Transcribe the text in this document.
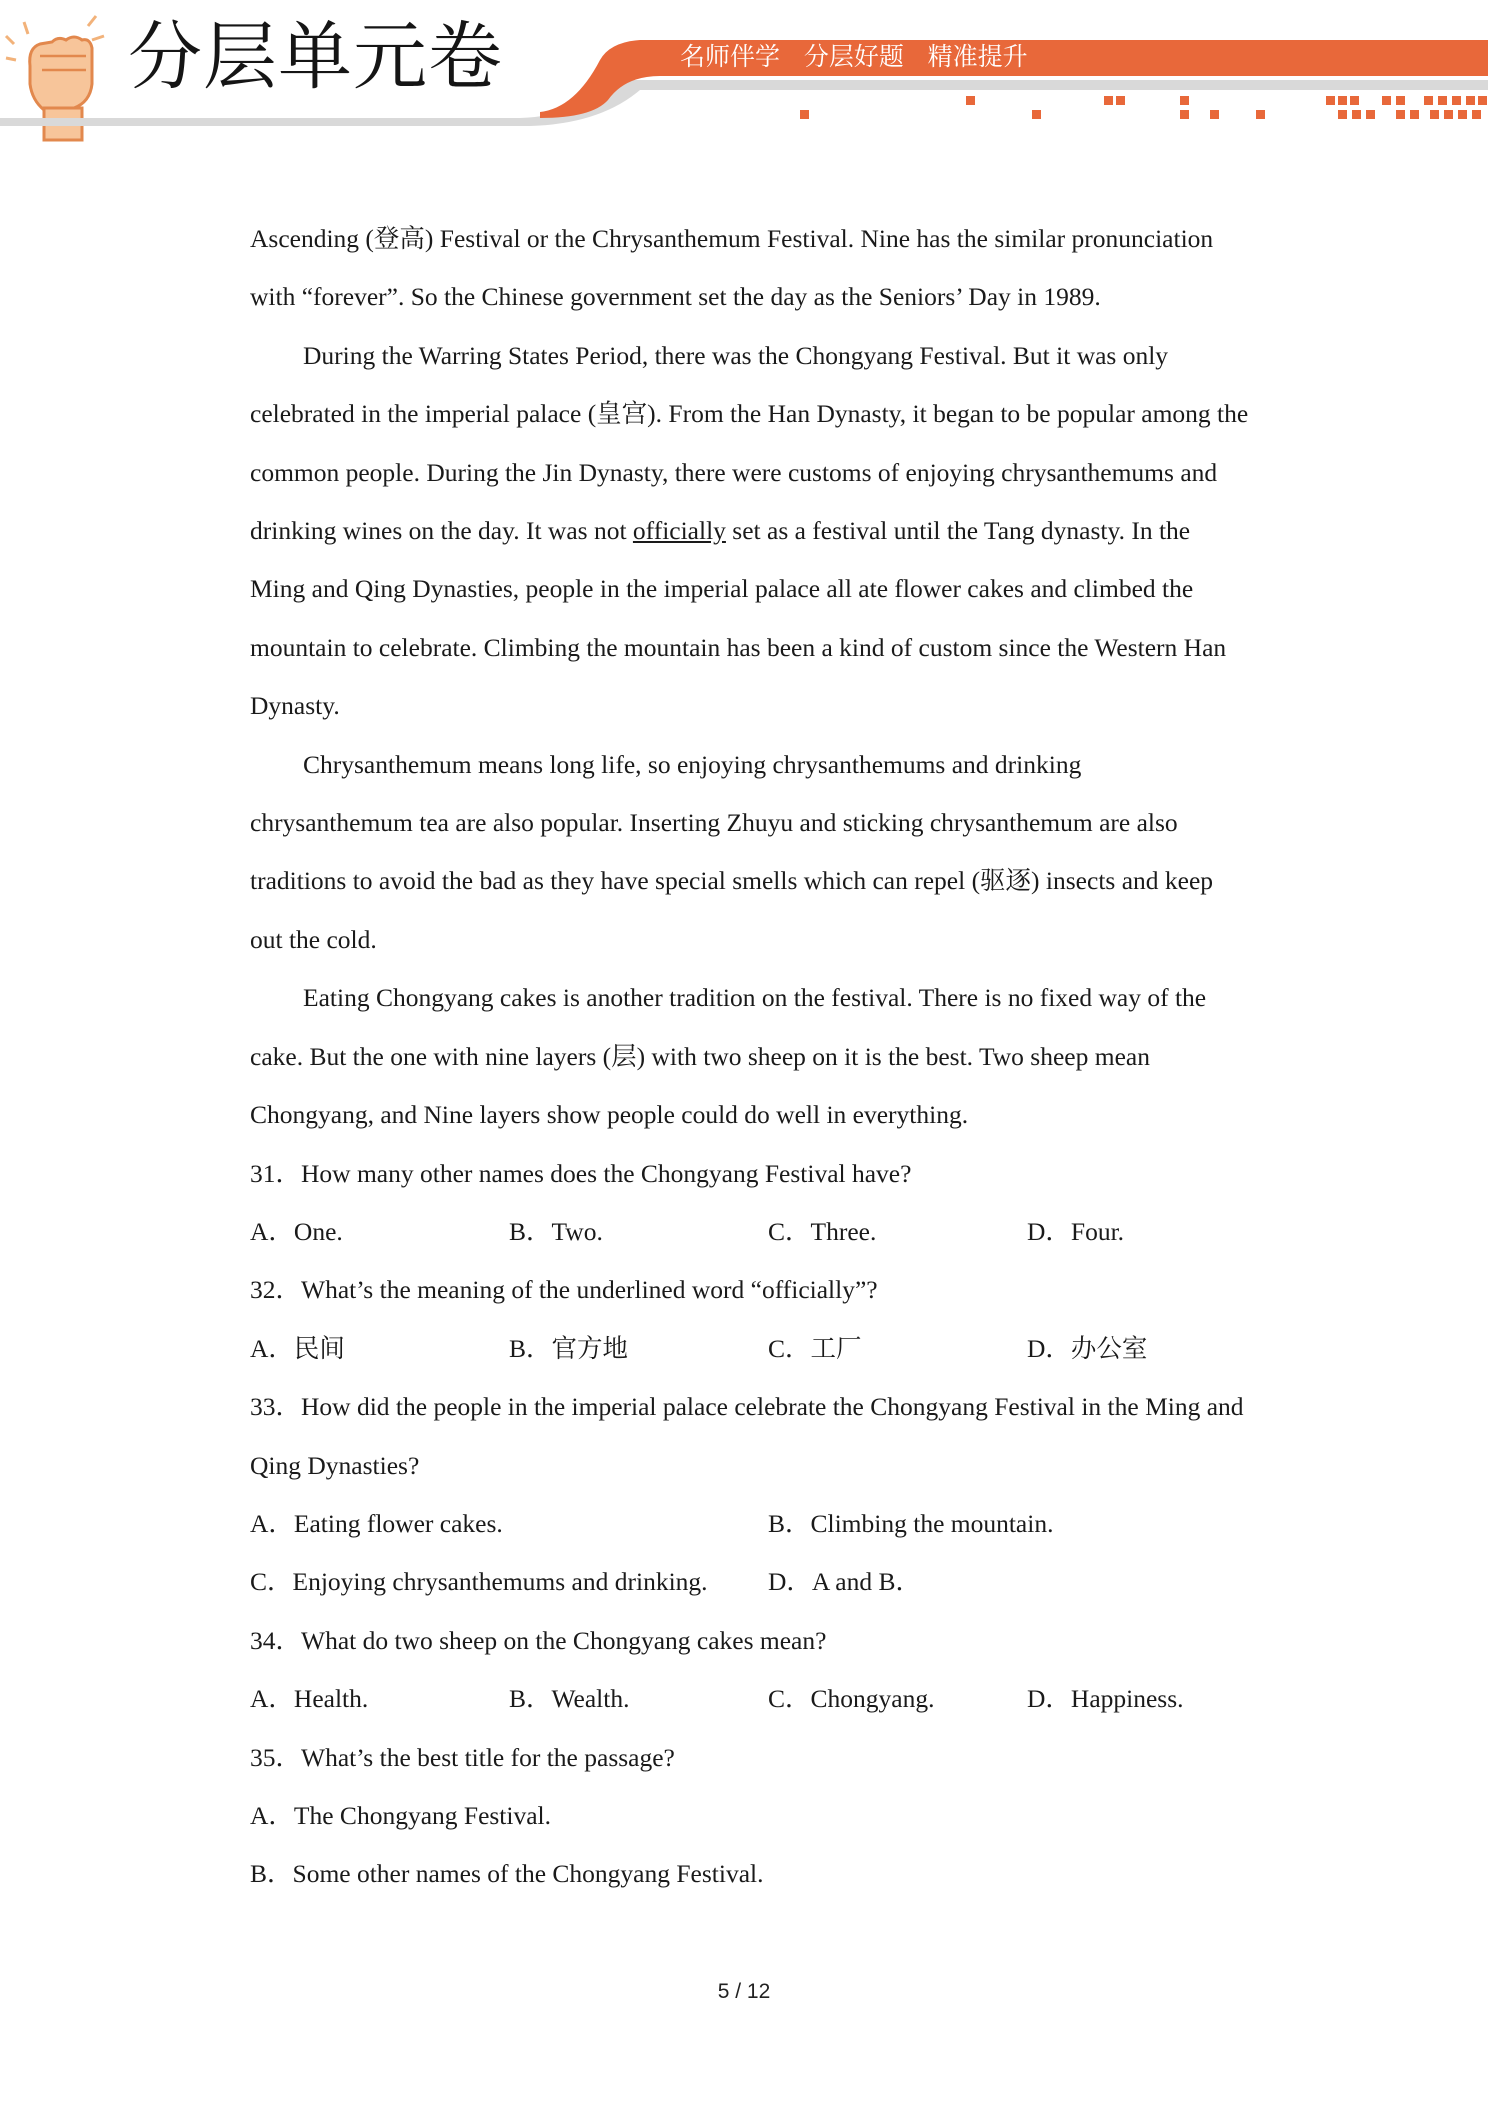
分层单元卷	名师伴学   分层好题   精准提升

Ascending (登高) Festival or the Chrysanthemum Festival. Nine has the similar pronunciation with “forever”. So the Chinese government set the day as the Seniors’ Day in 1989.

During the Warring States Period, there was the Chongyang Festival. But it was only celebrated in the imperial palace (皇宫). From the Han Dynasty, it began to be popular among the common people. During the Jin Dynasty, there were customs of enjoying chrysanthemums and drinking wines on the day. It was not officially set as a festival until the Tang dynasty. In the Ming and Qing Dynasties, people in the imperial palace all ate flower cakes and climbed the mountain to celebrate. Climbing the mountain has been a kind of custom since the Western Han Dynasty.

Chrysanthemum means long life, so enjoying chrysanthemums and drinking chrysanthemum tea are also popular. Inserting Zhuyu and sticking chrysanthemum are also traditions to avoid the bad as they have special smells which can repel (驱逐) insects and keep out the cold.

Eating Chongyang cakes is another tradition on the festival. There is no fixed way of the cake. But the one with nine layers (层) with two sheep on it is the best. Two sheep mean Chongyang, and Nine layers show people could do well in everything.

31．How many other names does the Chongyang Festival have?

A．One.	B．Two.	C．Three.	D．Four.

32．What’s the meaning of the underlined word “officially”?

A．民间	B．官方地	C．工厂	D．办公室

33．How did the people in the imperial palace celebrate the Chongyang Festival in the Ming and Qing Dynasties?

A．Eating flower cakes.	B．Climbing the mountain.
C．Enjoying chrysanthemums and drinking.	D．A and B．

34．What do two sheep on the Chongyang cakes mean?

A．Health.	B．Wealth.	C．Chongyang.	D．Happiness.

35．What’s the best title for the passage?

A．The Chongyang Festival.

B．Some other names of the Chongyang Festival.

5 / 12
